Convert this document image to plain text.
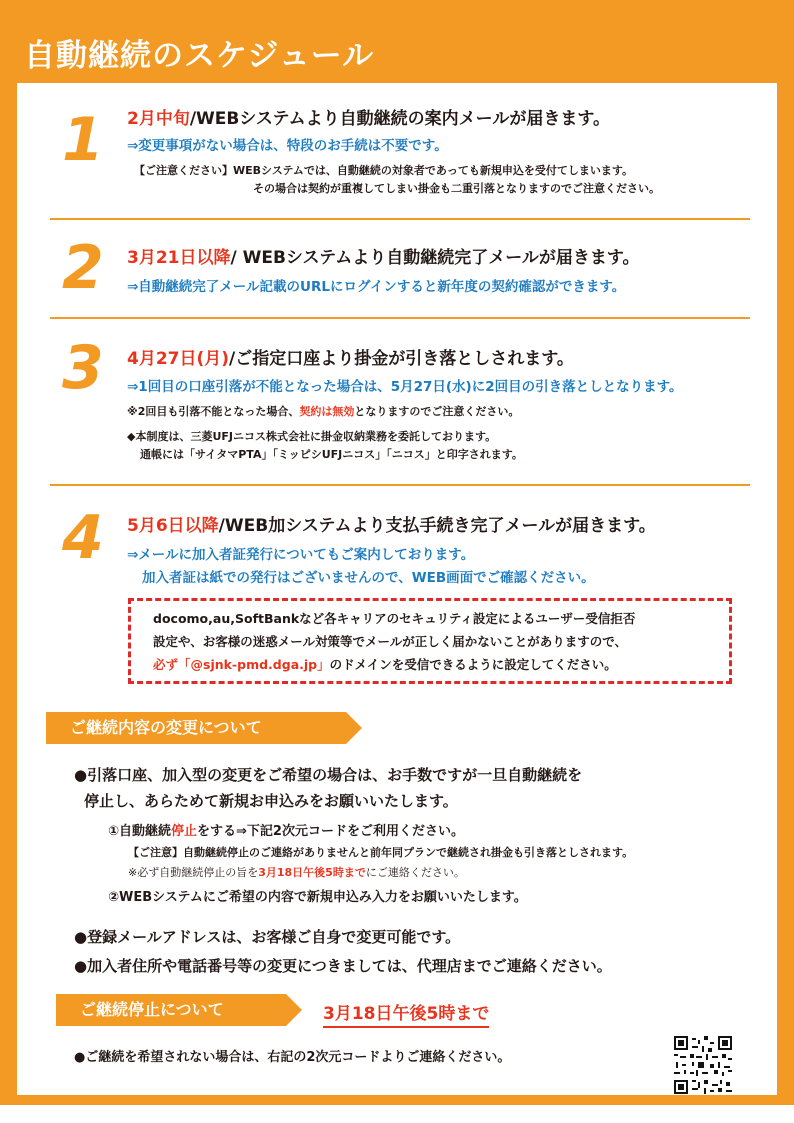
自動継続のスケジュール
1 2月中旬/WEBシステムより自動継続の案内メールが届きます。
⇒変更事項がない場合は、特段のお手続は不要です。
【ご注意ください】WEBシステムでは、自動継続の対象者であっても新規申込を受付てしまいます。
その場合は契約が重複してしまい掛金も二重引落となりますのでご注意ください。
2 3月21日以降/ WEBシステムより自動継続完了メールが届きます。
⇒自動継続完了メール記載のURLにログインすると新年度の契約確認ができます。
3 4月27日(月)/ご指定口座より掛金が引き落としされます。
⇒1回目の口座引落が不能となった場合は、5月27日(水)に2回目の引き落としとなります。
※2回目も引落不能となった場合、契約は無効となりますのでご注意ください。
◆本制度は、三菱UFJニコス株式会社に掛金収納業務を委託しております。
通帳には「サイタマPTA」「ミッピシUFJニコス」「ニコス」と印字されます。
4 5月6日以降/WEB加システムより支払手続き完了メールが届きます。
⇒メールに加入者証発行についてもご案内しております。
加入者証は紙での発行はございませんので、WEB画面でご確認ください。
docomo,au,SoftBankなど各キャリアのセキュリティ設定によるユーザー受信拒否
設定や、お客様の迷惑メール対策等でメールが正しく届かないことがありますので、
必ず「@sjnk-pmd.dga.jp」のドメインを受信できるように設定してください。
ご継続内容の変更について
●引落口座、加入型の変更をご希望の場合は、お手数ですが一旦自動継続を
停止し、あらためて新規お申込みをお願いいたします。
①自動継続停止をする⇒下記2次元コードをご利用ください。
【ご注意】自動継続停止のご連絡がありませんと前年同プランで継続され掛金も引き落としされます。
※必ず自動継続停止の旨を3月18日午後5時までにご連絡ください。
②WEBシステムにご希望の内容で新規申込み入力をお願いいたします。
●登録メールアドレスは、お客様ご自身で変更可能です。
●加入者住所や電話番号等の変更につきましては、代理店までご連絡ください。
ご継続停止について	3月18日午後5時まで
●ご継続を希望されない場合は、右記の2次元コードよりご連絡ください。
